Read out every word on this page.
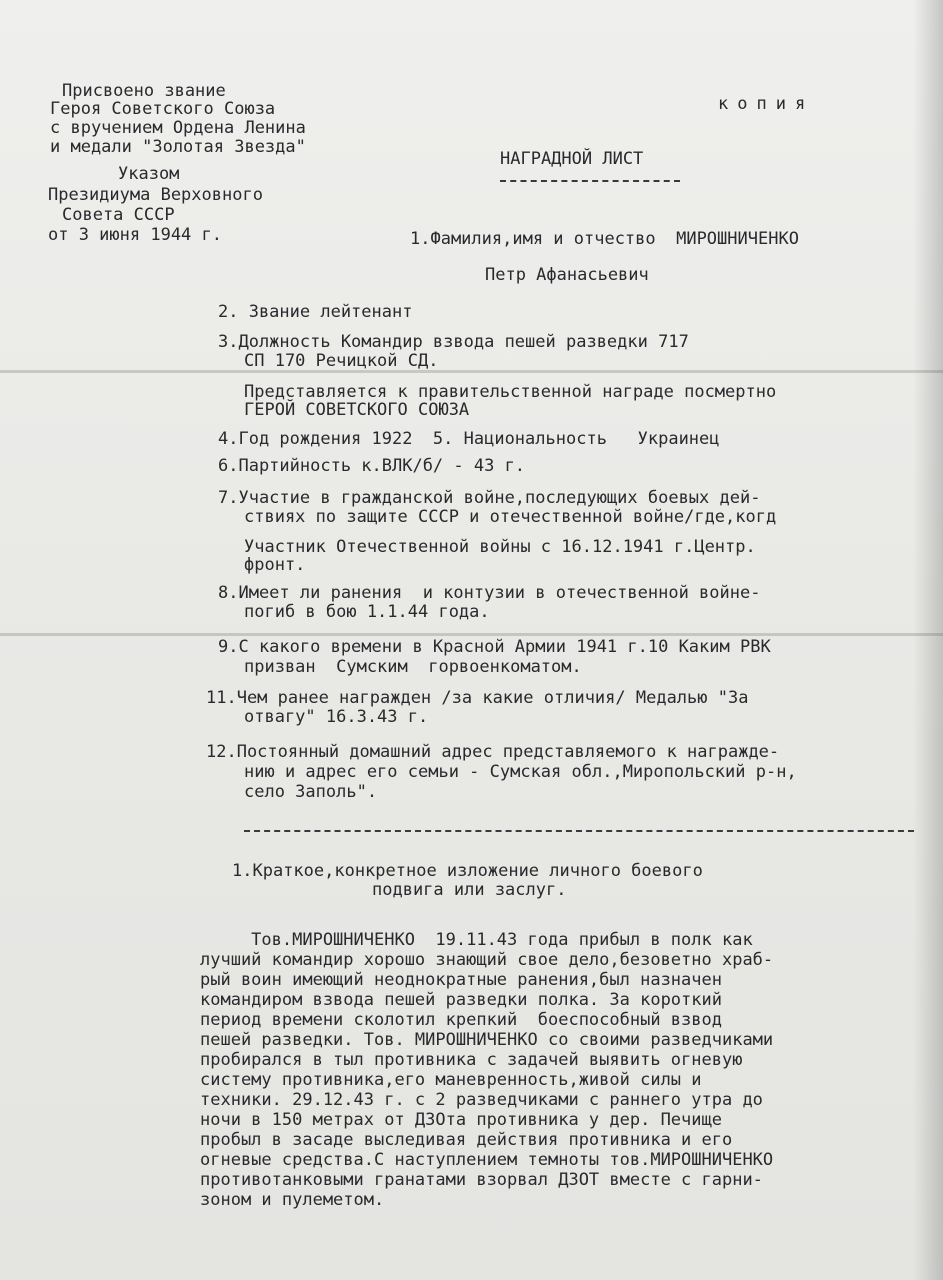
Присвоено звание

Героя Советского Союза

с вручением Ордена Ленина

и медали "Золотая Звезда"

Указом

Президиума Верховного

Совета СССР

от 3 июня 1944 г.

копия

НАГРАДНОЙ ЛИСТ

1.Фамилия,имя и отчество  МИРОШНИЧЕНКО

Петр Афанасьевич

2. Звание лейтенант

3.Должность Командир взвода пешей разведки 717

СП 170 Речицкой СД.

Представляется к правительственной награде посмертно

ГЕРОЙ СОВЕТСКОГО СОЮЗА

4.Год рождения 1922  5. Национальность   Украинец

6.Партийность к.ВЛК/б/ - 43 г.

7.Участие в гражданской войне,последующих боевых дей-

ствиях по защите СССР и отечественной войне/где,когд

Участник Отечественной войны с 16.12.1941 г.Центр.

фронт.

8.Имеет ли ранения  и контузии в отечественной войне-

погиб в бою 1.1.44 года.

9.С какого времени в Красной Армии 1941 г.10 Каким РВК

призван  Сумским  горвоенкоматом.

11.Чем ранее награжден /за какие отличия/ Медалью "За

отвагу" 16.3.43 г.

12.Постоянный домашний адрес представляемого к награжде-

нию и адрес его семьи - Сумская обл.,Миропольский р-н,

село Заполь".

1.Краткое,конкретное изложение личного боевого

подвига или заслуг.

Тов.МИРОШНИЧЕНКО  19.11.43 года прибыл в полк как
лучший командир хорошо знающий свое дело,безоветно храб-
рый воин имеющий неоднократные ранения,был назначен
командиром взвода пешей разведки полка. За короткий
период времени сколотил крепкий  боеспособный взвод
пешей разведки. Тов. МИРОШНИЧЕНКО со своими разведчиками
пробирался в тыл противника с задачей выявить огневую
систему противника,его маневренность,живой силы и
техники. 29.12.43 г. с 2 разведчиками с раннего утра до
ночи в 150 метрах от ДЗОта противника у дер. Печище
пробыл в засаде выследивая действия противника и его
огневые средства.С наступлением темноты тов.МИРОШНИЧЕНКО
противотанковыми гранатами взорвал ДЗОТ вместе с гарни-
зоном и пулеметом.
